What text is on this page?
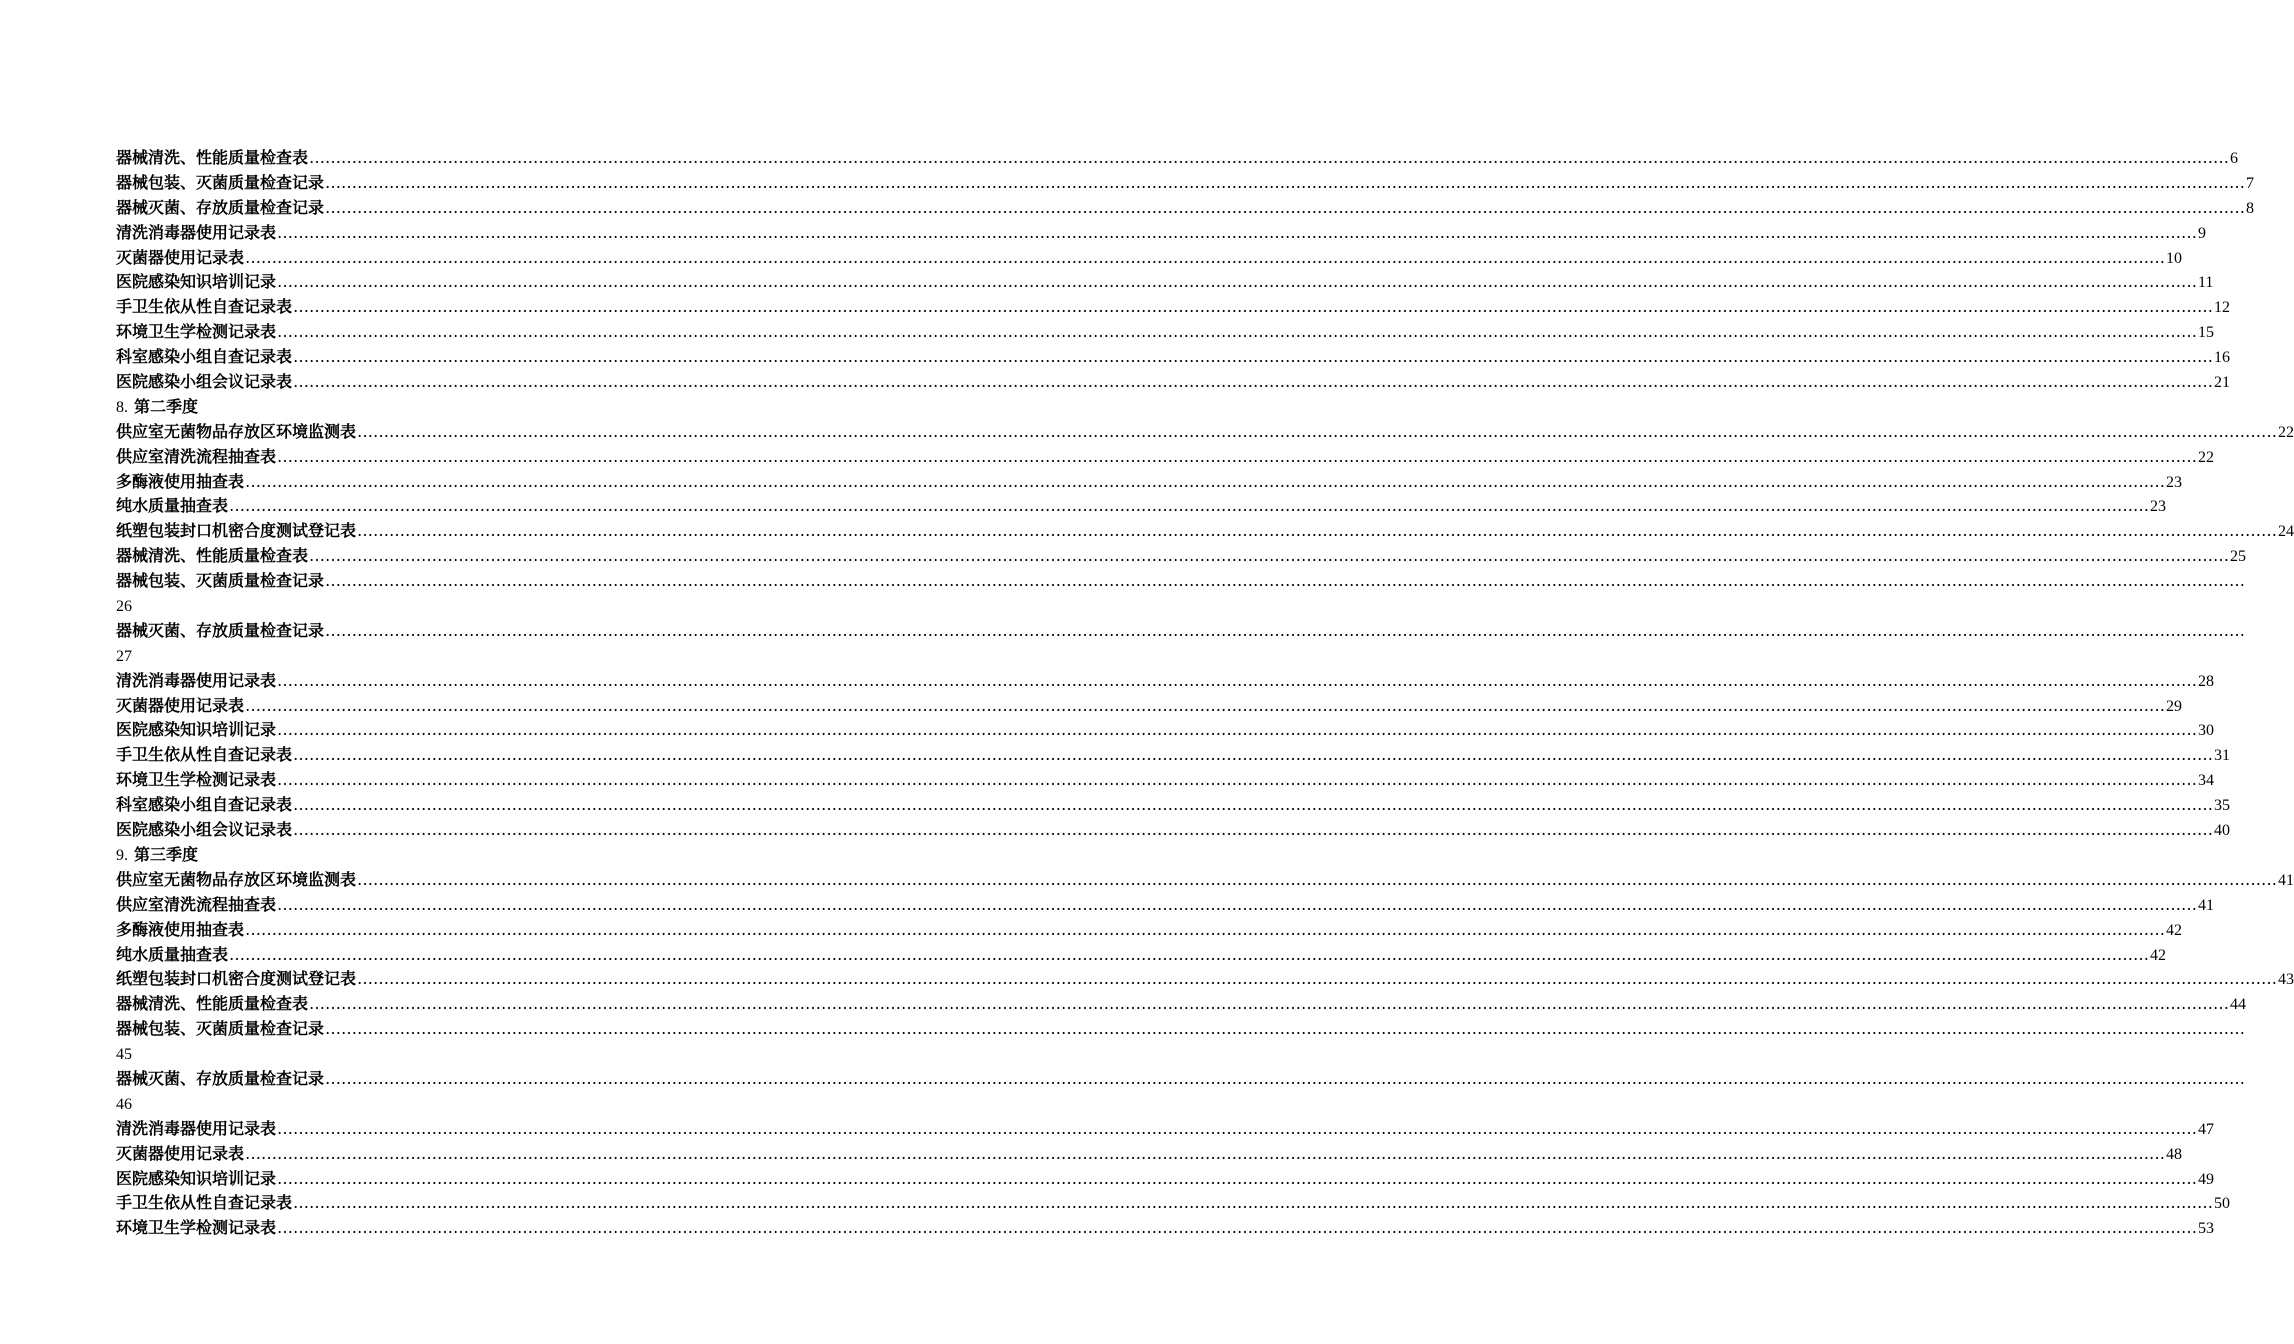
器械清洗、性能质量检查表 ……………………………………………………………………………………………………………………………………………………………………………………………………………………………………………………………………………………………………………………………… 6
器械包装、灭菌质量检查记录 ……………………………………………………………………………………………………………………………………………………………………………………………………………………………………………………………………………………………………………………………… 7
器械灭菌、存放质量检查记录 ……………………………………………………………………………………………………………………………………………………………………………………………………………………………………………………………………………………………………………………………… 8
清洗消毒器使用记录表 ……………………………………………………………………………………………………………………………………………………………………………………………………………………………………………………………………………………………………………………………… 9
灭菌器使用记录表 ……………………………………………………………………………………………………………………………………………………………………………………………………………………………………………………………………………………………………………………………… 10
医院感染知识培训记录 ……………………………………………………………………………………………………………………………………………………………………………………………………………………………………………………………………………………………………………………………… 11
手卫生依从性自查记录表 ……………………………………………………………………………………………………………………………………………………………………………………………………………………………………………………………………………………………………………………………… 12
环境卫生学检测记录表 ……………………………………………………………………………………………………………………………………………………………………………………………………………………………………………………………………………………………………………………………… 15
科室感染小组自查记录表 ……………………………………………………………………………………………………………………………………………………………………………………………………………………………………………………………………………………………………………………………… 16
医院感染小组会议记录表 ……………………………………………………………………………………………………………………………………………………………………………………………………………………………………………………………………………………………………………………………… 21
8. 第二季度
供应室无菌物品存放区环境监测表 ……………………………………………………………………………………………………………………………………………………………………………………………………………………………………………………………………………………………………………………………… 22
供应室清洗流程抽查表 ……………………………………………………………………………………………………………………………………………………………………………………………………………………………………………………………………………………………………………………………… 22
多酶液使用抽查表 ……………………………………………………………………………………………………………………………………………………………………………………………………………………………………………………………………………………………………………………………… 23
纯水质量抽查表 ……………………………………………………………………………………………………………………………………………………………………………………………………………………………………………………………………………………………………………………………… 23
纸塑包装封口机密合度测试登记表 ……………………………………………………………………………………………………………………………………………………………………………………………………………………………………………………………………………………………………………………………… 24
器械清洗、性能质量检查表 ……………………………………………………………………………………………………………………………………………………………………………………………………………………………………………………………………………………………………………………………… 25
器械包装、灭菌质量检查记录 ………………………………………………………………………………………………………………………………………………………………………………………………………………………………………………………………………………………………………………………………
26
器械灭菌、存放质量检查记录 ………………………………………………………………………………………………………………………………………………………………………………………………………………………………………………………………………………………………………………………………
27
清洗消毒器使用记录表 ……………………………………………………………………………………………………………………………………………………………………………………………………………………………………………………………………………………………………………………………… 28
灭菌器使用记录表 ……………………………………………………………………………………………………………………………………………………………………………………………………………………………………………………………………………………………………………………………… 29
医院感染知识培训记录 ……………………………………………………………………………………………………………………………………………………………………………………………………………………………………………………………………………………………………………………………… 30
手卫生依从性自查记录表 ……………………………………………………………………………………………………………………………………………………………………………………………………………………………………………………………………………………………………………………………… 31
环境卫生学检测记录表 ……………………………………………………………………………………………………………………………………………………………………………………………………………………………………………………………………………………………………………………………… 34
科室感染小组自查记录表 ……………………………………………………………………………………………………………………………………………………………………………………………………………………………………………………………………………………………………………………………… 35
医院感染小组会议记录表 ……………………………………………………………………………………………………………………………………………………………………………………………………………………………………………………………………………………………………………………………… 40
9. 第三季度
供应室无菌物品存放区环境监测表 ……………………………………………………………………………………………………………………………………………………………………………………………………………………………………………………………………………………………………………………………… 41
供应室清洗流程抽查表 ……………………………………………………………………………………………………………………………………………………………………………………………………………………………………………………………………………………………………………………………… 41
多酶液使用抽查表 ……………………………………………………………………………………………………………………………………………………………………………………………………………………………………………………………………………………………………………………………… 42
纯水质量抽查表 ……………………………………………………………………………………………………………………………………………………………………………………………………………………………………………………………………………………………………………………………… 42
纸塑包装封口机密合度测试登记表 ……………………………………………………………………………………………………………………………………………………………………………………………………………………………………………………………………………………………………………………………… 43
器械清洗、性能质量检查表 ……………………………………………………………………………………………………………………………………………………………………………………………………………………………………………………………………………………………………………………………… 44
器械包装、灭菌质量检查记录 ………………………………………………………………………………………………………………………………………………………………………………………………………………………………………………………………………………………………………………………………
45
器械灭菌、存放质量检查记录 ………………………………………………………………………………………………………………………………………………………………………………………………………………………………………………………………………………………………………………………………
46
清洗消毒器使用记录表 ……………………………………………………………………………………………………………………………………………………………………………………………………………………………………………………………………………………………………………………………… 47
灭菌器使用记录表 ……………………………………………………………………………………………………………………………………………………………………………………………………………………………………………………………………………………………………………………………… 48
医院感染知识培训记录 ……………………………………………………………………………………………………………………………………………………………………………………………………………………………………………………………………………………………………………………………… 49
手卫生依从性自查记录表 ……………………………………………………………………………………………………………………………………………………………………………………………………………………………………………………………………………………………………………………………… 50
环境卫生学检测记录表 ……………………………………………………………………………………………………………………………………………………………………………………………………………………………………………………………………………………………………………………………… 53
